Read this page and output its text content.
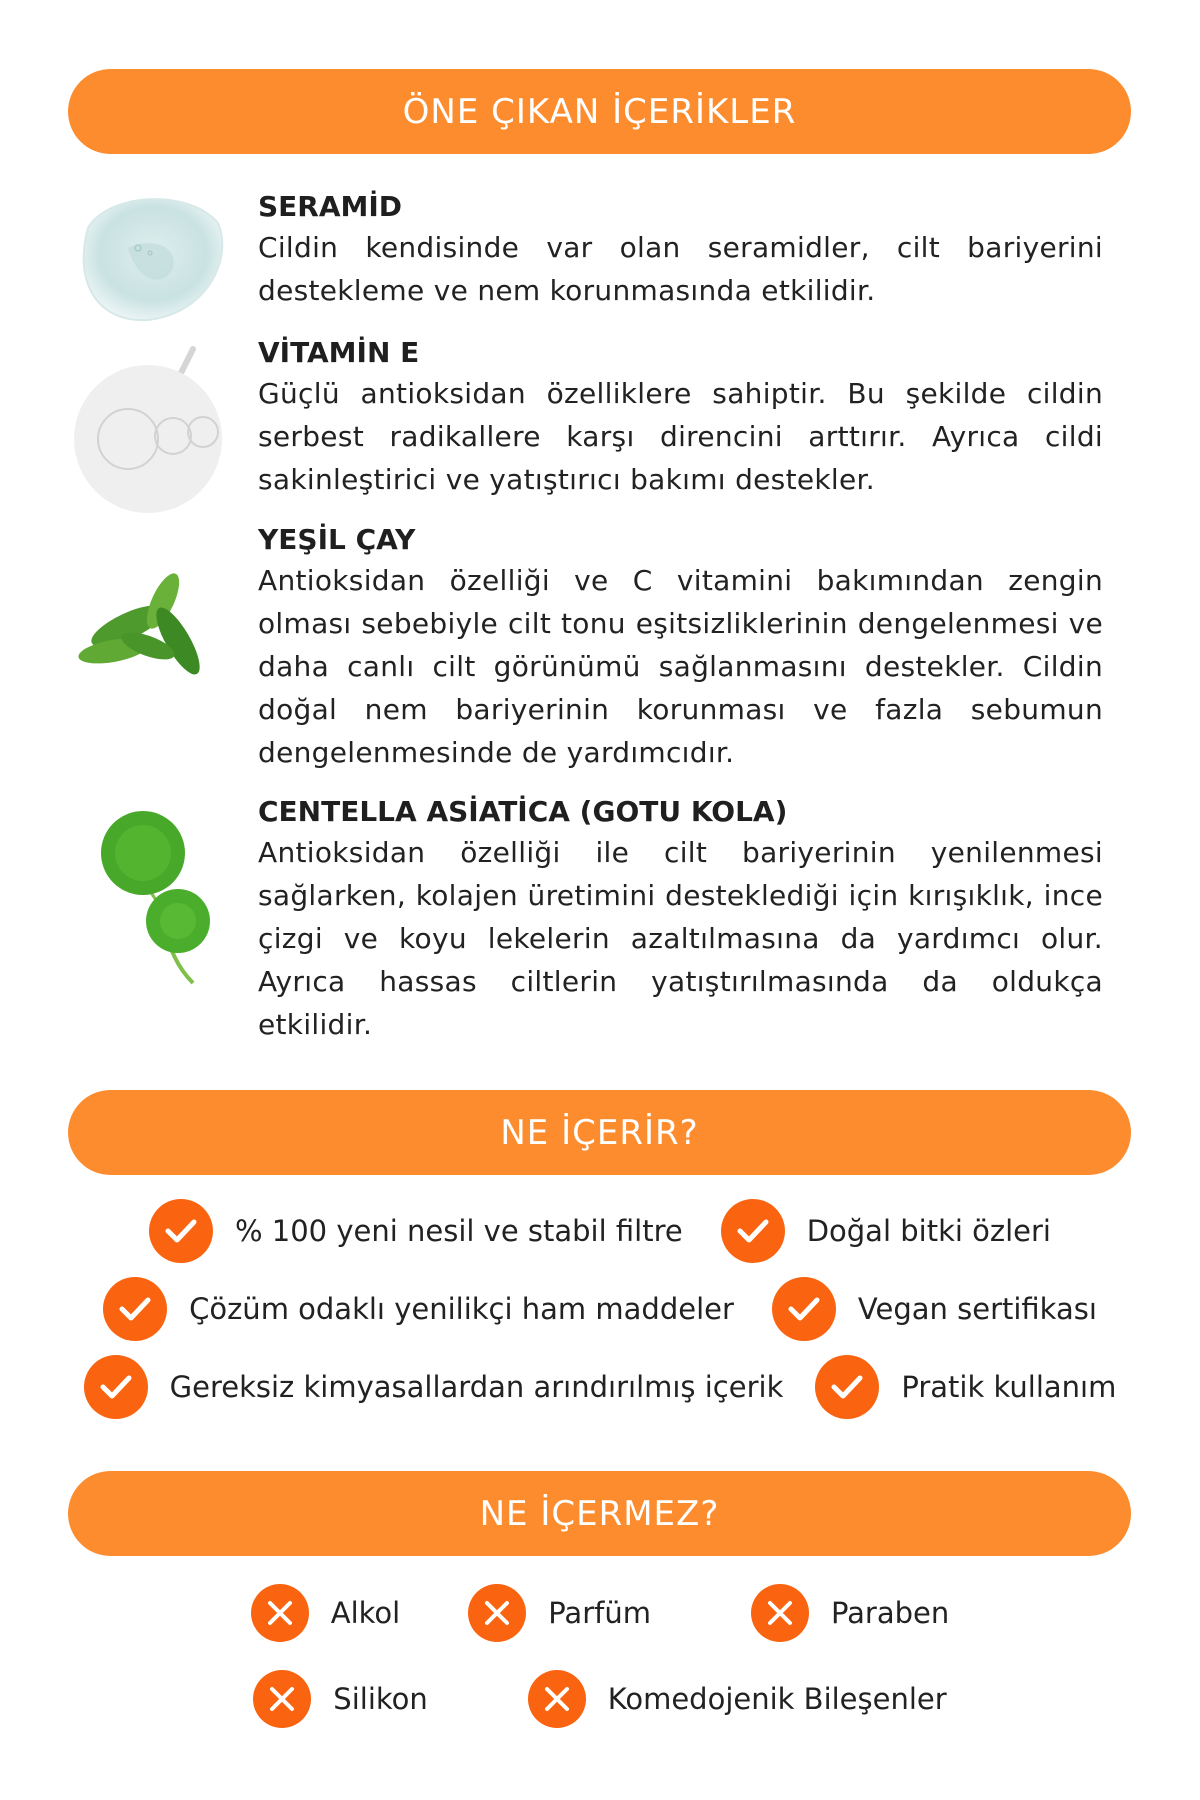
ÖNE ÇIKAN İÇERİKLER
SERAMİD

Cildin kendisinde var olan seramidler, cilt bariyerini destekleme ve nem korunmasında etkilidir.

VİTAMİN E

Güçlü antioksidan özelliklere sahiptir. Bu şekilde cildin serbest radikallere karşı direncini arttırır. Ayrıca cildi sakinleştirici ve yatıştırıcı bakımı destekler.

YEŞİL ÇAY

Antioksidan özelliği ve C vitamini bakımından zengin olması sebebiyle cilt tonu eşitsizliklerinin dengelenmesi ve daha canlı cilt görünümü sağlanmasını destekler. Cildin doğal nem bariyerinin korunması ve fazla sebumun dengelenmesinde de yardımcıdır.

CENTELLA ASİATİCA (GOTU KOLA)

Antioksidan özelliği ile cilt bariyerinin yenilenmesi sağlarken, kolajen üretimini desteklediği için kırışıklık, ince çizgi ve koyu lekelerin azaltılmasına da yardımcı olur. Ayrıca hassas ciltlerin yatıştırılmasında da oldukça etkilidir.

NE İÇERİR?
% 100 yeni nesil ve stabil filtre	Doğal bitki özleri
Çözüm odaklı yenilikçi ham maddeler	Vegan sertifikası
Gereksiz kimyasallardan arındırılmış içerik	Pratik kullanım
NE İÇERMEZ?
Alkol	Parfüm	Paraben
Silikon	Komedojenik Bileşenler
